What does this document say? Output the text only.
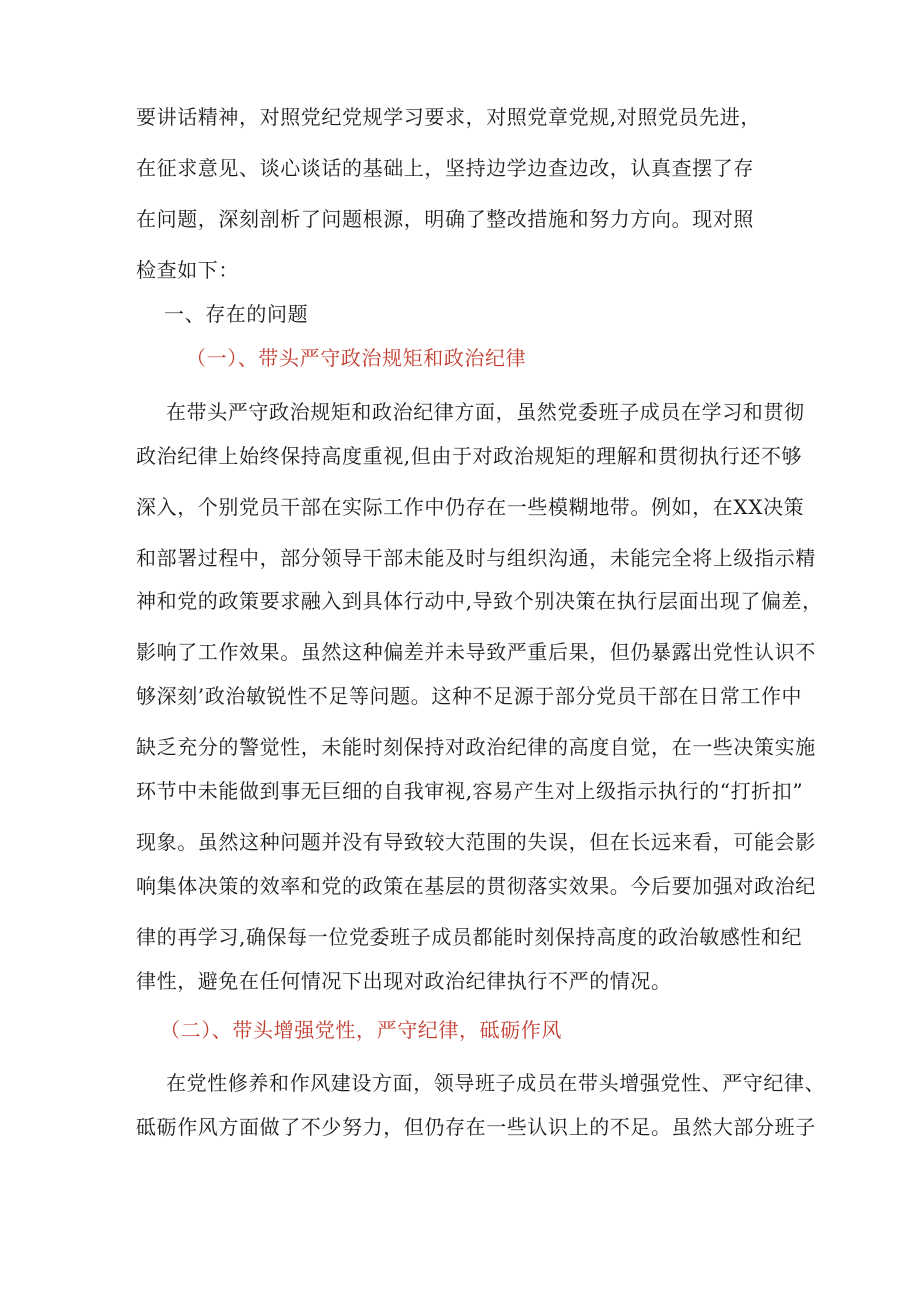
要讲话精神，对照党纪党规学习要求，对照党章党规,对照党员先进，
在征求意见、谈心谈话的基础上，坚持边学边查边改，认真查摆了存
在问题，深刻剖析了问题根源，明确了整改措施和努力方向。现对照
检查如下：
一、存在的问题
（一）、带头严守政治规矩和政治纪律
在带头严守政治规矩和政治纪律方面，虽然党委班子成员在学习和贯彻
政治纪律上始终保持高度重视,但由于对政治规矩的理解和贯彻执行还不够
深入，个别党员干部在实际工作中仍存在一些模糊地带。例如，在XX决策
和部署过程中，部分领导干部未能及时与组织沟通，未能完全将上级指示精
神和党的政策要求融入到具体行动中,导致个别决策在执行层面出现了偏差，
影响了工作效果。虽然这种偏差并未导致严重后果，但仍暴露出党性认识不
够深刻’政治敏锐性不足等问题。这种不足源于部分党员干部在日常工作中
缺乏充分的警觉性，未能时刻保持对政治纪律的高度自觉，在一些决策实施
环节中未能做到事无巨细的自我审视,容易产生对上级指示执行的“打折扣”
现象。虽然这种问题并没有导致较大范围的失误，但在长远来看，可能会影
响集体决策的效率和党的政策在基层的贯彻落实效果。今后要加强对政治纪
律的再学习,确保每一位党委班子成员都能时刻保持高度的政治敏感性和纪
律性，避免在任何情况下出现对政治纪律执行不严的情况。
（二）、带头增强党性，严守纪律，砥砺作风
在党性修养和作风建设方面，领导班子成员在带头增强党性、严守纪律、
砥砺作风方面做了不少努力，但仍存在一些认识上的不足。虽然大部分班子
